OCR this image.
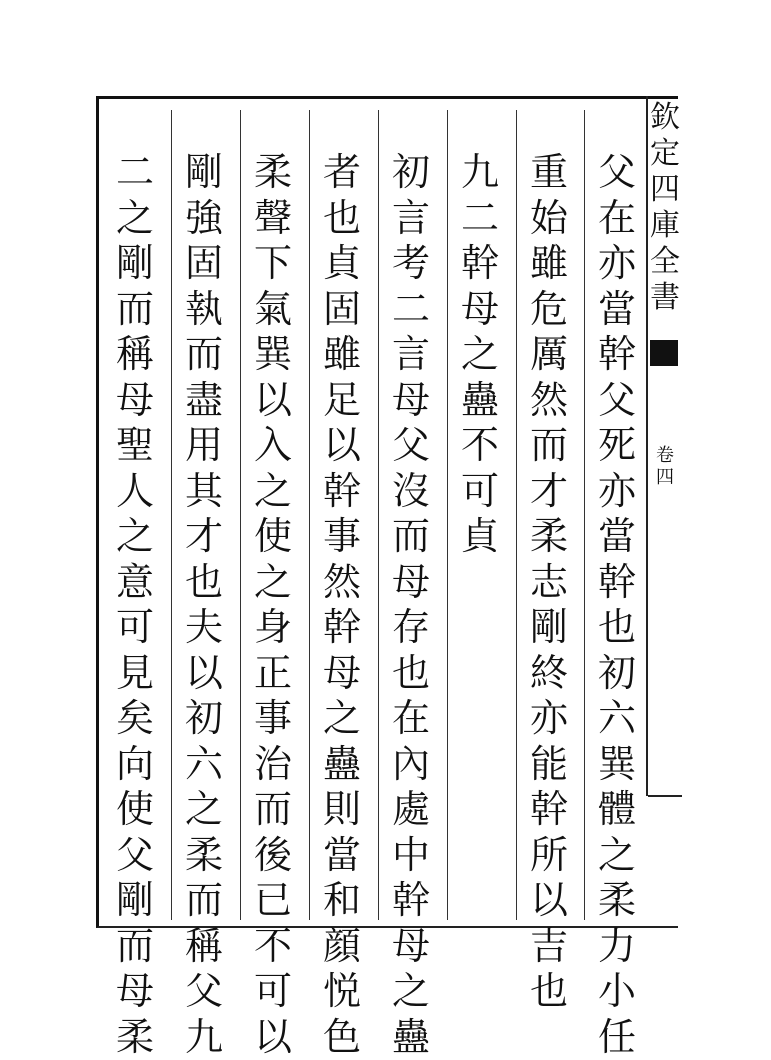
欽
定
四
庫
全
書
卷
四
父
在
亦
當
幹
父
死
亦
當
幹
也
初
六
巽
體
之
柔
力
小
任
重
始
雖
危
厲
然
而
才
柔
志
剛
終
亦
能
幹
所
以
吉
也
九
二
幹
母
之
蠱
不
可
貞
初
言
考
二
言
母
父
沒
而
母
存
也
在
內
處
中
幹
母
之
蠱
者
也
貞
固
雖
足
以
幹
事
然
幹
母
之
蠱
則
當
和
顔
悦
色
柔
聲
下
氣
巽
以
入
之
使
之
身
正
事
治
而
後
已
不
可
以
剛
強
固
執
而
盡
用
其
才
也
夫
以
初
六
之
柔
而
稱
父
九
二
之
剛
而
稱
母
聖
人
之
意
可
見
矣
向
使
父
剛
而
母
柔
